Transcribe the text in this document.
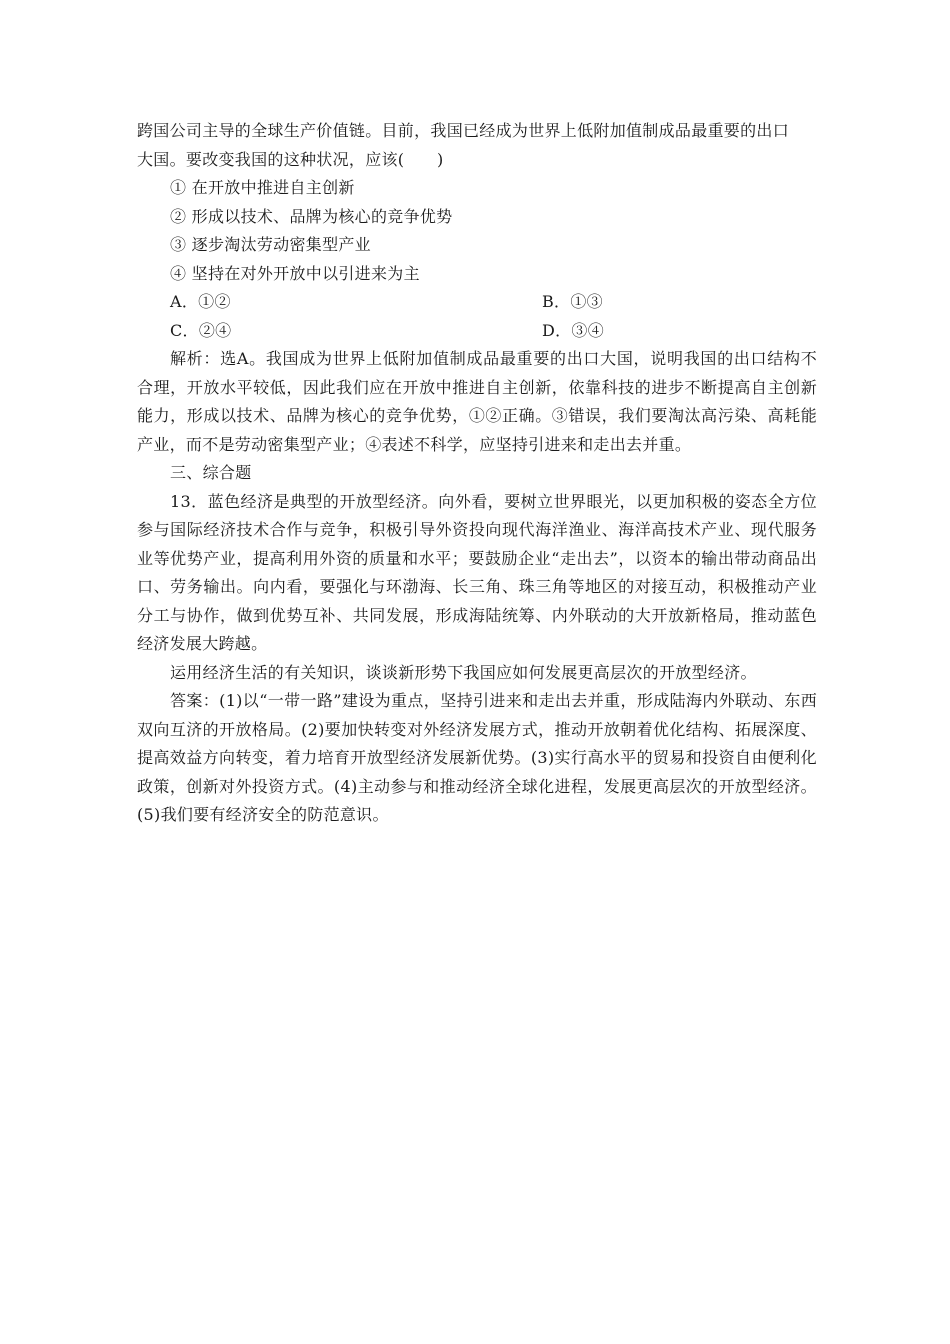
跨国公司主导的全球生产价值链。目前，我国已经成为世界上低附加值制成品最重要的出口

大国。要改变我国的这种状况，应该(　　)

① 在开放中推进自主创新

② 形成以技术、品牌为核心的竞争优势

③ 逐步淘汰劳动密集型产业

④ 坚持在对外开放中以引进来为主

A．①②	B．①③
C．②④	D．③④

解析：选A。我国成为世界上低附加值制成品最重要的出口大国，说明我国的出口结构不合理，开放水平较低，因此我们应在开放中推进自主创新，依靠科技的进步不断提高自主创新能力，形成以技术、品牌为核心的竞争优势，①②正确。③错误，我们要淘汰高污染、高耗能产业，而不是劳动密集型产业；④表述不科学，应坚持引进来和走出去并重。

三、综合题

13．蓝色经济是典型的开放型经济。向外看，要树立世界眼光，以更加积极的姿态全方位参与国际经济技术合作与竞争，积极引导外资投向现代海洋渔业、海洋高技术产业、现代服务业等优势产业，提高利用外资的质量和水平；要鼓励企业“走出去”，以资本的输出带动商品出口、劳务输出。向内看，要强化与环渤海、长三角、珠三角等地区的对接互动，积极推动产业分工与协作，做到优势互补、共同发展，形成海陆统筹、内外联动的大开放新格局，推动蓝色经济发展大跨越。

运用经济生活的有关知识，谈谈新形势下我国应如何发展更高层次的开放型经济。

答案：(1)以“一带一路”建设为重点，坚持引进来和走出去并重，形成陆海内外联动、东西双向互济的开放格局。(2)要加快转变对外经济发展方式，推动开放朝着优化结构、拓展深度、提高效益方向转变，着力培育开放型经济发展新优势。(3)实行高水平的贸易和投资自由便利化政策，创新对外投资方式。(4)主动参与和推动经济全球化进程，发展更高层次的开放型经济。(5)我们要有经济安全的防范意识。
